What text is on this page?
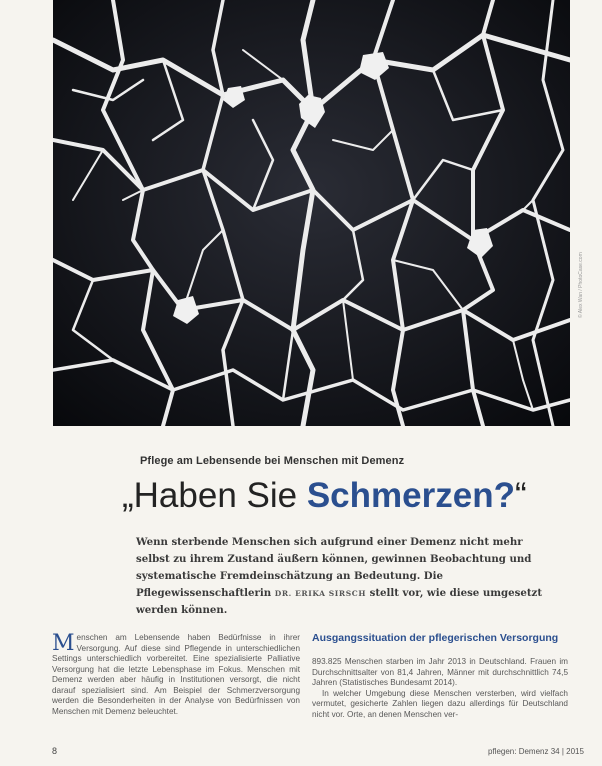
© Alex Wan / PhotoCase.com
Pflege am Lebensende bei Menschen mit Demenz
„Haben Sie Schmerzen?“
Wenn sterbende Menschen sich aufgrund einer Demenz nicht mehr selbst zu ihrem Zustand äußern können, gewinnen Beobachtung und systematische Fremdeinschätzung an Bedeutung. Die Pflegewissenschaftlerin DR. ERIKA SIRSCH stellt vor, wie diese umgesetzt werden können.
Menschen am Lebensende haben Bedürfnisse in ihrer Versorgung. Auf diese sind Pflegende in unterschiedlichen Settings unterschiedlich vorbereitet. Eine spezialisierte Palliative Versorgung hat die letzte Lebensphase im Fokus. Menschen mit Demenz werden aber häufig in Institutionen versorgt, die nicht darauf spezialisiert sind. Am Beispiel der Schmerzversorgung werden die Besonderheiten in der Analyse von Bedürfnissen von Menschen mit Demenz beleuchtet.
Ausgangssituation der pflegerischen Versorgung
893.825 Menschen starben im Jahr 2013 in Deutschland. Frauen im Durchschnittsalter von 81,4 Jahren, Männer mit durchschnittlich 74,5 Jahren (Statistisches Bundesamt 2014).
In welcher Umgebung diese Menschen versterben, wird vielfach vermutet, gesicherte Zahlen liegen dazu allerdings für Deutschland nicht vor. Orte, an denen Menschen ver-
8	pflegen: Demenz 34 | 2015
